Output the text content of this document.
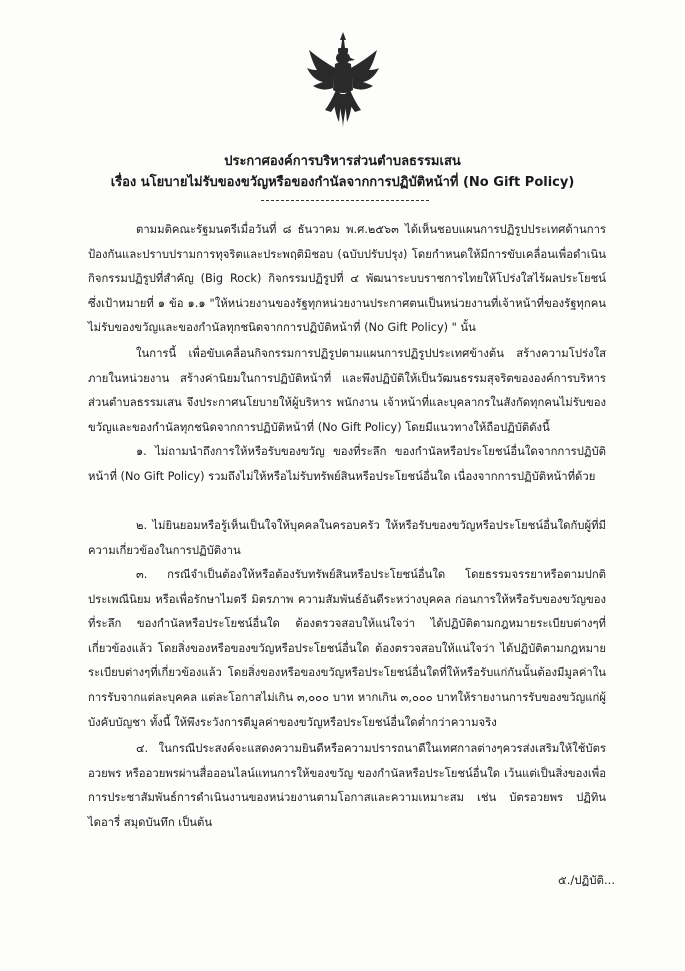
ประกาศองค์การบริหารส่วนตำบลธรรมเสน
เรื่อง นโยบายไม่รับของขวัญหรือของกำนัลจากการปฏิบัติหน้าที่ (No Gift Policy)
ตามมติคณะรัฐมนตรีเมื่อวันที่ ๘ ธันวาคม พ.ศ.๒๕๖๓ ได้เห็นชอบแผนการปฏิรูปประเทศด้านการป้องกันและปราบปรามการทุจริตและประพฤติมิชอบ (ฉบับปรับปรุง) โดยกำหนดให้มีการขับเคลื่อนเพื่อดำเนินกิจกรรมปฏิรูปที่สำคัญ (Big Rock) กิจกรรมปฏิรูปที่ ๔ พัฒนาระบบราชการไทยให้โปร่งใสไร้ผลประโยชน์ ซึ่งเป้าหมายที่ ๑ ข้อ ๑.๑ "ให้หน่วยงานของรัฐทุกหน่วยงานประกาศตนเป็นหน่วยงานที่เจ้าหน้าที่ของรัฐทุกคนไม่รับของขวัญและของกำนัลทุกชนิดจากการปฏิบัติหน้าที่ (No Gift Policy) " นั้น
ในการนี้ เพื่อขับเคลื่อนกิจกรรมการปฏิรูปตามแผนการปฏิรูปประเทศข้างต้น สร้างความโปร่งใสภายในหน่วยงาน สร้างค่านิยมในการปฏิบัติหน้าที่ และพึงปฏิบัติให้เป็นวัฒนธรรมสุจริตขององค์การบริหารส่วนตำบลธรรมเสน จึงประกาศนโยบายให้ผู้บริหาร พนักงาน เจ้าหน้าที่และบุคลากรในสังกัดทุกคนไม่รับของขวัญและของกำนัลทุกชนิดจากการปฏิบัติหน้าที่ (No Gift Policy) โดยมีแนวทางให้ถือปฏิบัติดังนี้
๑. ไม่ถามนำถึงการให้หรือรับของขวัญ ของที่ระลึก ของกำนัลหรือประโยชน์อื่นใดจากการปฏิบัติหน้าที่ (No Gift Policy) รวมถึงไม่ให้หรือไม่รับทรัพย์สินหรือประโยชน์อื่นใด เนื่องจากการปฏิบัติหน้าที่ด้วย
๒. ไม่ยินยอมหรือรู้เห็นเป็นใจให้บุคคลในครอบครัว ให้หรือรับของขวัญหรือประโยชน์อื่นใดกับผู้ที่มีความเกี่ยวข้องในการปฏิบัติงาน
๓. กรณีจำเป็นต้องให้หรือต้องรับทรัพย์สินหรือประโยชน์อื่นใด โดยธรรมจรรยาหรือตามปกติประเพณีนิยม หรือเพื่อรักษาไมตรี มิตรภาพ ความสัมพันธ์อันดีระหว่างบุคคล ก่อนการให้หรือรับของขวัญของที่ระลึก ของกำนัลหรือประโยชน์อื่นใด ต้องตรวจสอบให้แน่ใจว่า ได้ปฏิบัติตามกฎหมายระเบียบต่างๆที่เกี่ยวข้องแล้ว โดยสิ่งของหรือของขวัญหรือประโยชน์อื่นใด ต้องตรวจสอบให้แน่ใจว่า ได้ปฏิบัติตามกฎหมายระเบียบต่างๆที่เกี่ยวข้องแล้ว โดยสิ่งของหรือของขวัญหรือประโยชน์อื่นใดที่ให้หรือรับแก่กันนั้นต้องมีมูลค่าในการรับจากแต่ละบุคคล แต่ละโอกาสไม่เกิน ๓,๐๐๐ บาท หากเกิน ๓,๐๐๐ บาทให้รายงานการรับของขวัญแก่ผู้บังคับบัญชา ทั้งนี้ ให้พึงระวังการตีมูลค่าของขวัญหรือประโยชน์อื่นใดต่ำกว่าความจริง
๔. ในกรณีประสงค์จะแสดงความยินดีหรือความปรารถนาดีในเทศกาลต่างๆควรส่งเสริมให้ใช้บัตรอวยพร หรืออวยพรผ่านสื่อออนไลน์แทนการให้ของขวัญ ของกำนัลหรือประโยชน์อื่นใด เว้นแต่เป็นสิ่งของเพื่อการประชาสัมพันธ์การดำเนินงานของหน่วยงานตามโอกาสและความเหมาะสม เช่น บัตรอวยพร ปฏิทินไดอารี่ สมุดบันทึก เป็นต้น
๕./ปฏิบัติ...
